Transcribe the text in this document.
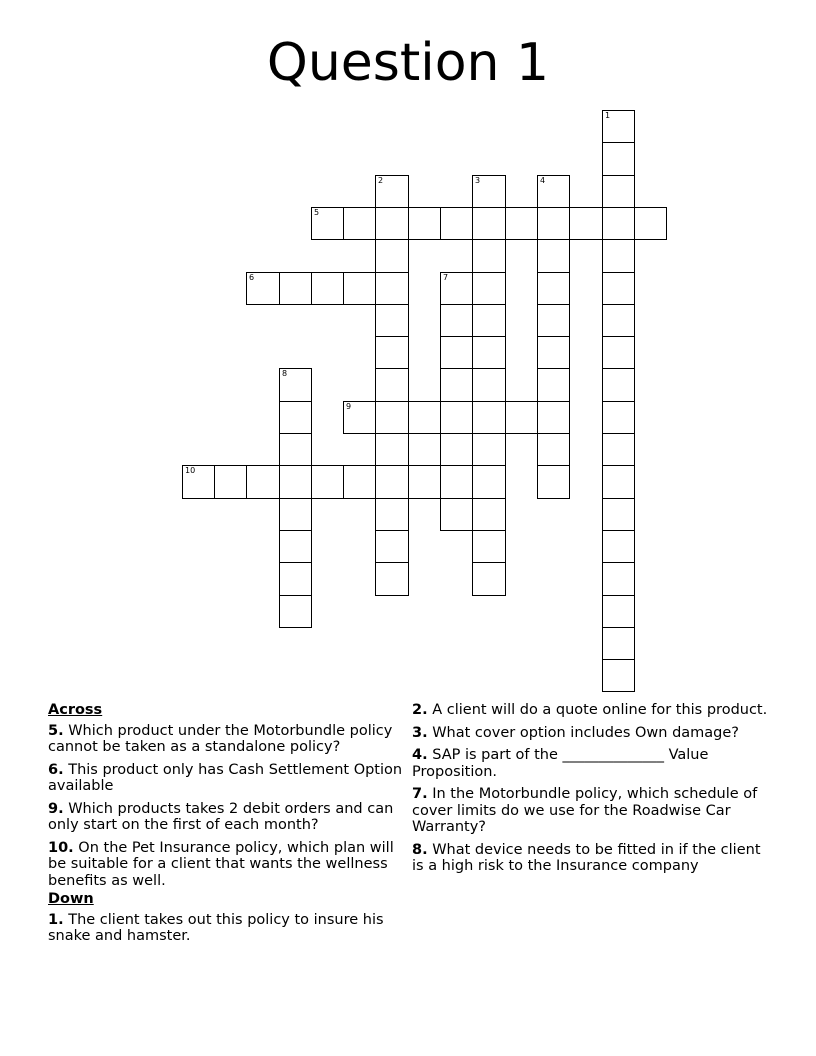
Question 1
1
2	3	4
5
6	7
8
9
10
Across
5. Which product under the Motorbundle policy cannot be taken as a standalone policy?
6. This product only has Cash Settlement Option available
9. Which products takes 2 debit orders and can only start on the first of each month?
10. On the Pet Insurance policy, which plan will be suitable for a client that wants the wellness benefits as well.
Down
1. The client takes out this policy to insure his snake and hamster.
2. A client will do a quote online for this product.
3. What cover option includes Own damage?
4. SAP is part of the ______________ Value Proposition.
7. In the Motorbundle policy, which schedule of cover limits do we use for the Roadwise Car Warranty?
8. What device needs to be fitted in if the client is a high risk to the Insurance company
